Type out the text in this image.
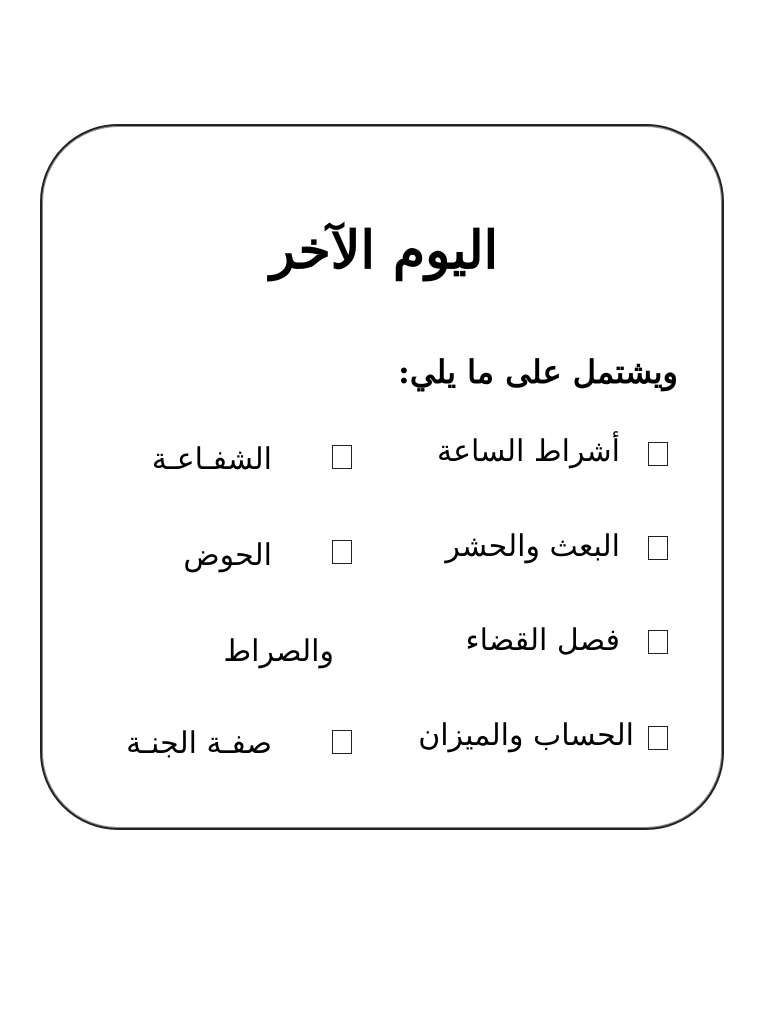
اليوم الآخر
ويشتمل على ما يلي:
أشراط الساعة
البعث والحشر
فصل القضاء
الحساب والميزان
الشفـاعـة
الحوض
والصراط
صفـة الجنـة
